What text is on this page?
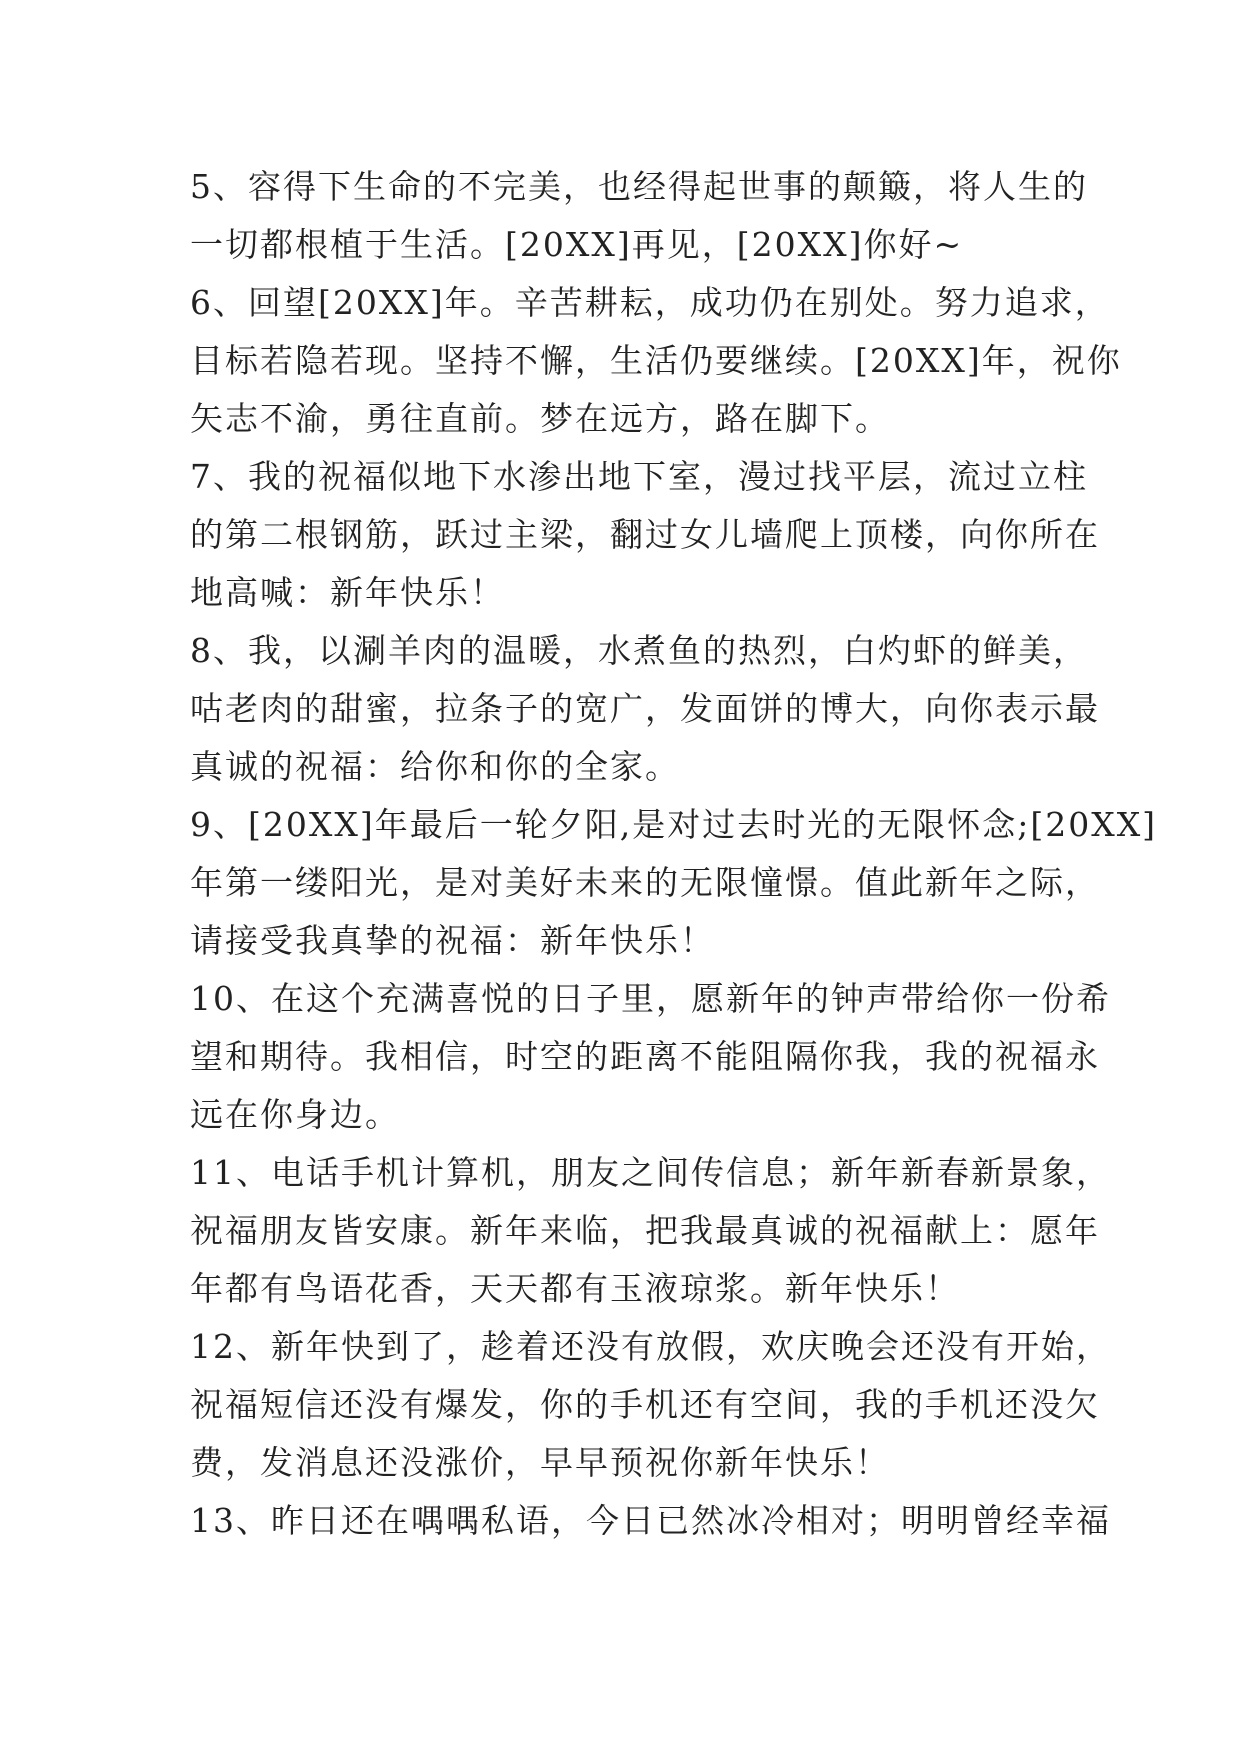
5、容得下生命的不完美，也经得起世事的颠簸，将人生的
一切都根植于生活。[20XX]再见，[20XX]你好~
6、回望[20XX]年。辛苦耕耘，成功仍在别处。努力追求，
目标若隐若现。坚持不懈，生活仍要继续。[20XX]年，祝你
矢志不渝，勇往直前。梦在远方，路在脚下。
7、我的祝福似地下水渗出地下室，漫过找平层，流过立柱
的第二根钢筋，跃过主梁，翻过女儿墙爬上顶楼，向你所在
地高喊：新年快乐！
8、我，以涮羊肉的温暖，水煮鱼的热烈，白灼虾的鲜美，
咕老肉的甜蜜，拉条子的宽广，发面饼的博大，向你表示最
真诚的祝福：给你和你的全家。
9、[20XX]年最后一轮夕阳,是对过去时光的无限怀念;[20XX]
年第一缕阳光，是对美好未来的无限憧憬。值此新年之际，
请接受我真挚的祝福：新年快乐！
10、在这个充满喜悦的日子里，愿新年的钟声带给你一份希
望和期待。我相信，时空的距离不能阻隔你我，我的祝福永
远在你身边。
11、电话手机计算机，朋友之间传信息；新年新春新景象，
祝福朋友皆安康。新年来临，把我最真诚的祝福献上：愿年
年都有鸟语花香，天天都有玉液琼浆。新年快乐！
12、新年快到了，趁着还没有放假，欢庆晚会还没有开始，
祝福短信还没有爆发，你的手机还有空间，我的手机还没欠
费，发消息还没涨价，早早预祝你新年快乐！
13、昨日还在喁喁私语，今日已然冰冷相对；明明曾经幸福
